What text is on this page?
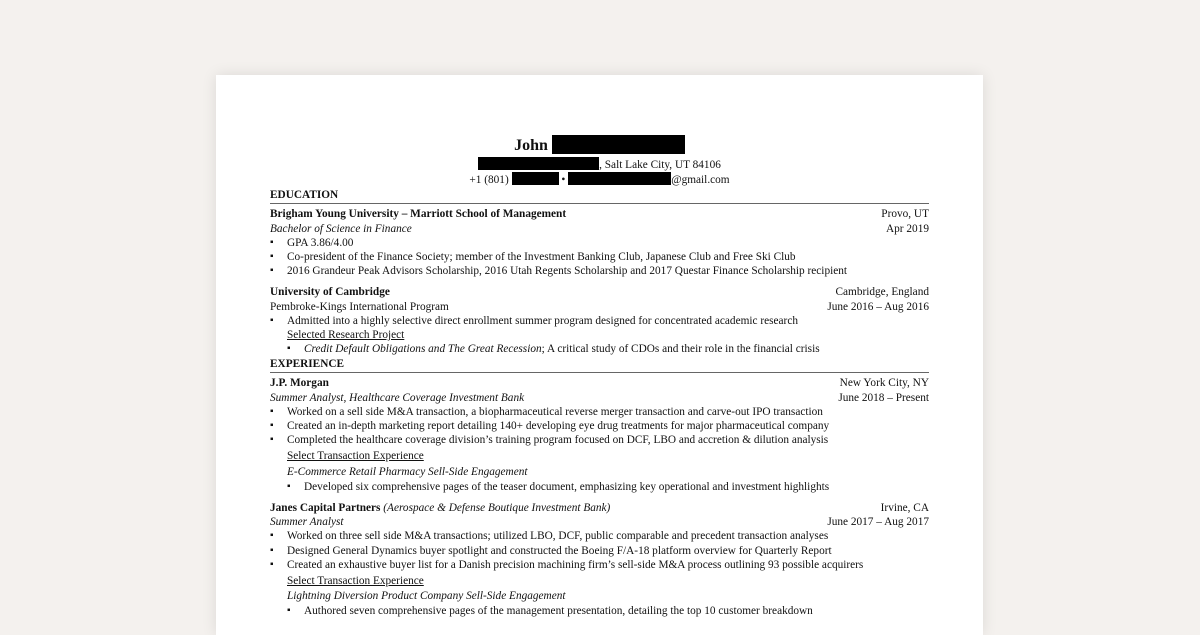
John
, Salt Lake City, UT 84106
+1 (801)	•	@gmail.com
EDUCATION
Brigham Young University – Marriott School of Management	Provo, UT
Bachelor of Science in Finance	Apr 2019
▪ GPA 3.86/4.00
▪ Co-president of the Finance Society; member of the Investment Banking Club, Japanese Club and Free Ski Club
▪ 2016 Grandeur Peak Advisors Scholarship, 2016 Utah Regents Scholarship and 2017 Questar Finance Scholarship recipient
University of Cambridge	Cambridge, England
Pembroke-Kings International Program	June 2016 – Aug 2016
▪ Admitted into a highly selective direct enrollment summer program designed for concentrated academic research
Selected Research Project
▪ Credit Default Obligations and The Great Recession; A critical study of CDOs and their role in the financial crisis
EXPERIENCE
J.P. Morgan	New York City, NY
Summer Analyst, Healthcare Coverage Investment Bank	June 2018 – Present
▪ Worked on a sell side M&A transaction, a biopharmaceutical reverse merger transaction and carve-out IPO transaction
▪ Created an in-depth marketing report detailing 140+ developing eye drug treatments for major pharmaceutical company
▪ Completed the healthcare coverage division’s training program focused on DCF, LBO and accretion & dilution analysis
Select Transaction Experience
E-Commerce Retail Pharmacy Sell-Side Engagement
▪ Developed six comprehensive pages of the teaser document, emphasizing key operational and investment highlights
Janes Capital Partners (Aerospace & Defense Boutique Investment Bank)	Irvine, CA
Summer Analyst	June 2017 – Aug 2017
▪ Worked on three sell side M&A transactions; utilized LBO, DCF, public comparable and precedent transaction analyses
▪ Designed General Dynamics buyer spotlight and constructed the Boeing F/A-18 platform overview for Quarterly Report
▪ Created an exhaustive buyer list for a Danish precision machining firm’s sell-side M&A process outlining 93 possible acquirers
Select Transaction Experience
Lightning Diversion Product Company Sell-Side Engagement
▪ Authored seven comprehensive pages of the management presentation, detailing the top 10 customer breakdown
